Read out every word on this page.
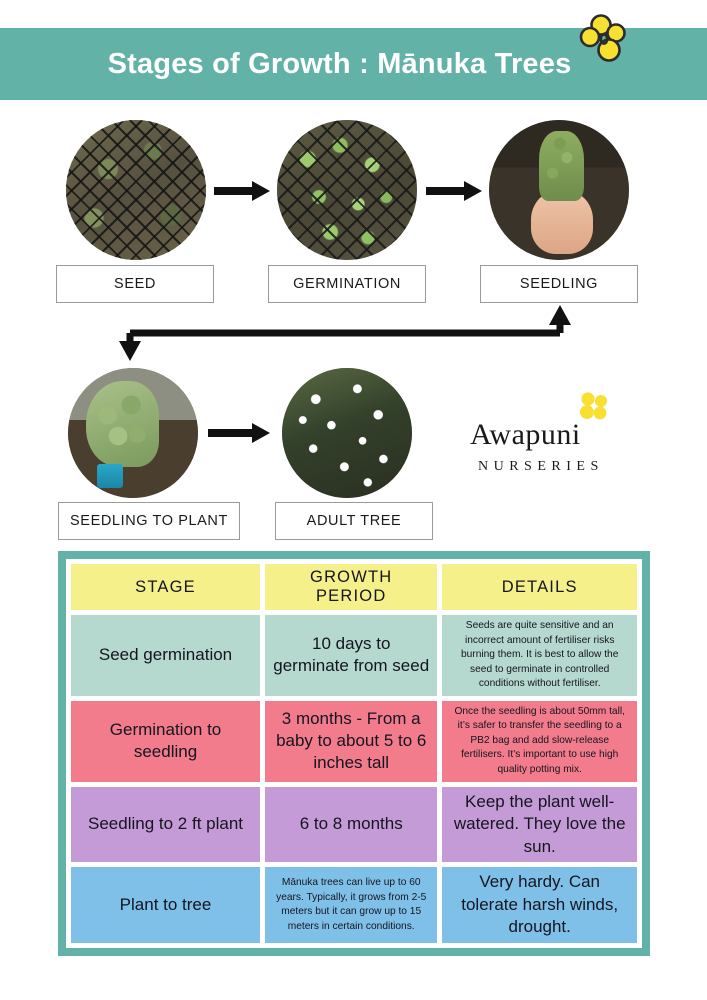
Stages of Growth : Mānuka Trees
SEED	GERMINATION	SEEDLING
SEEDLING TO PLANT	ADULT TREE
Awapuni
NURSERIES
STAGE	GROWTH PERIOD	DETAILS
Seed germination	10 days to germinate from seed	Seeds are quite sensitive and an incorrect amount of fertiliser risks burning them. It is best to allow the seed to germinate in controlled conditions without fertiliser.
Germination to seedling	3 months - From a baby to about 5 to 6 inches tall	Once the seedling is about 50mm tall, it’s safer to transfer the seedling to a PB2 bag and add slow-release fertilisers. It’s important to use high quality potting mix.
Seedling to 2 ft plant	6 to 8 months	Keep the plant well-watered. They love the sun.
Plant to tree	Mānuka trees can live up to 60 years. Typically, it grows from 2-5 meters but it can grow up to 15 meters in certain conditions.	Very hardy. Can tolerate harsh winds, drought.
